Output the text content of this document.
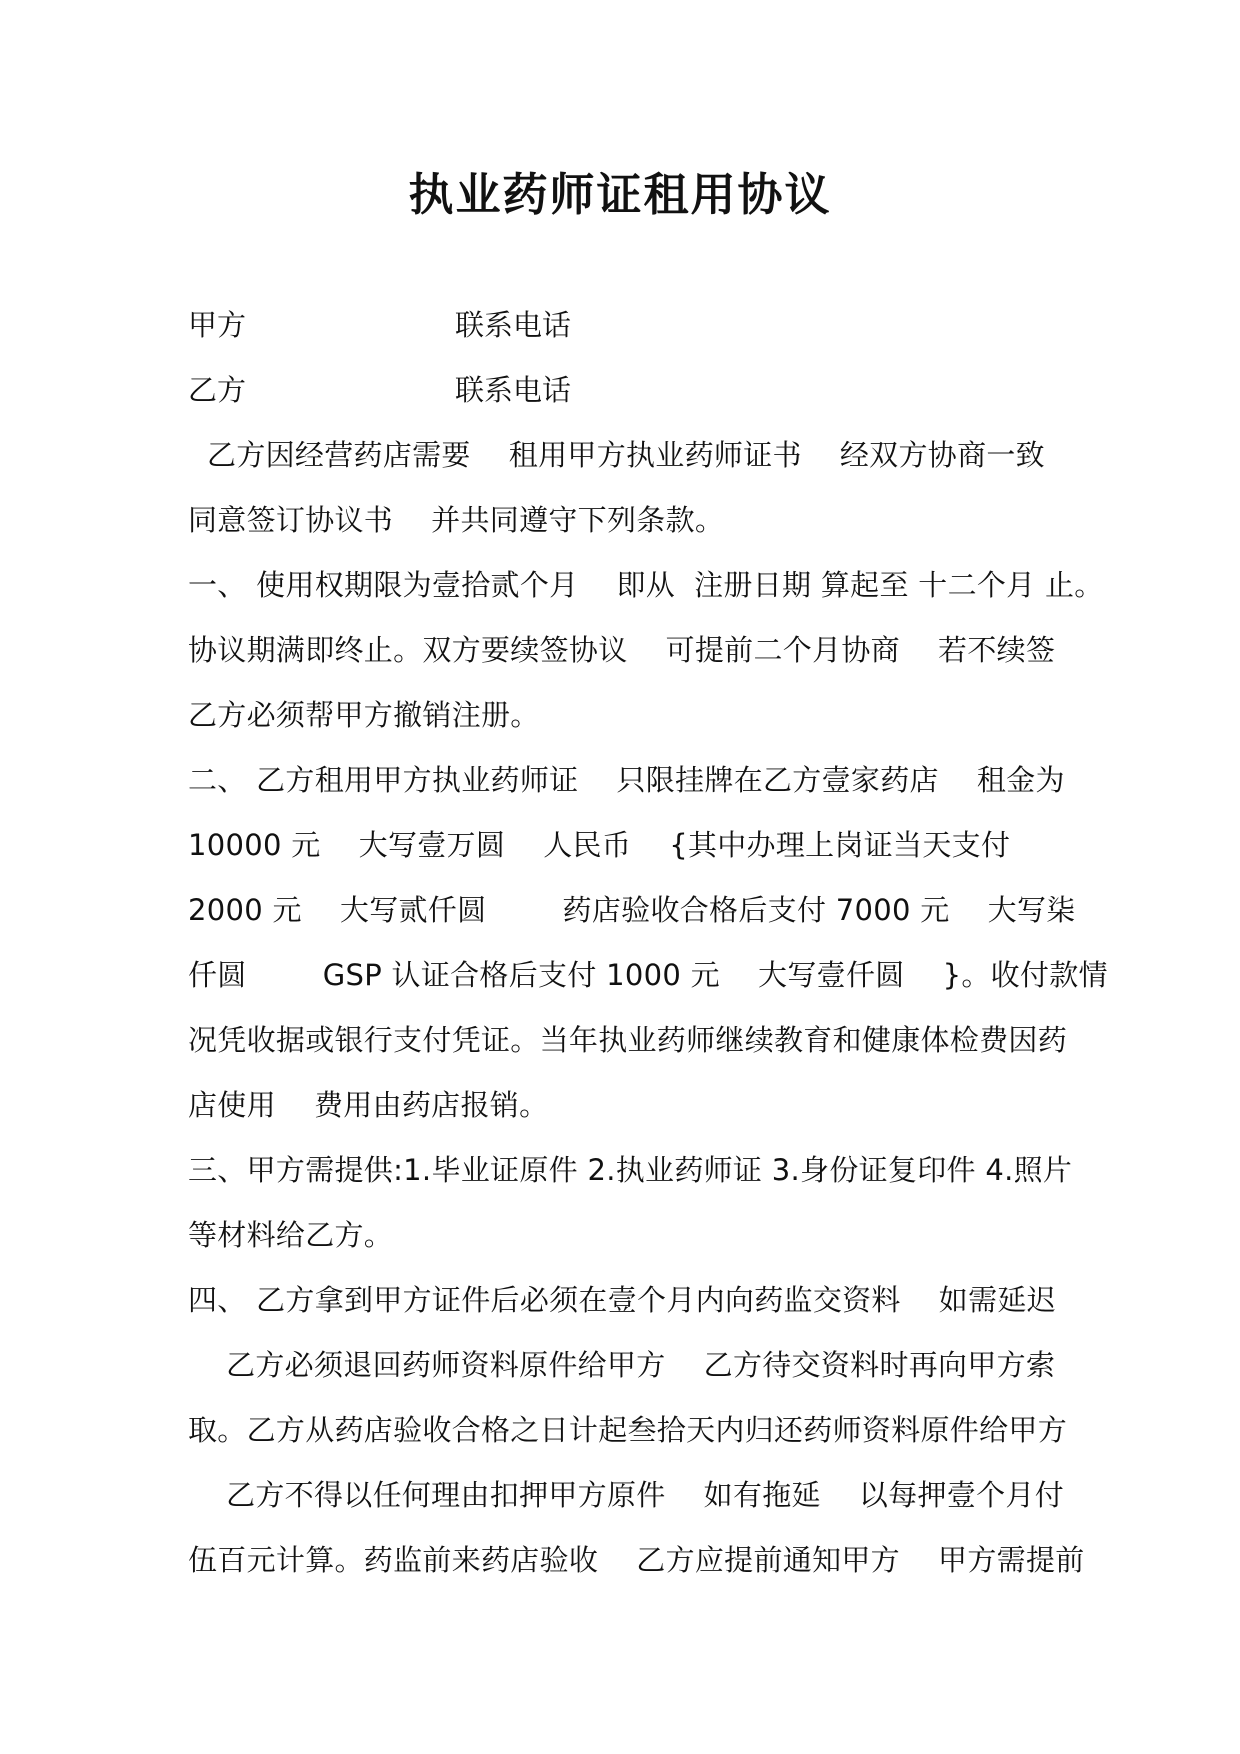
执业药师证租用协议
甲方	联系电话
乙方	联系电话
乙方因经营药店需要    租用甲方执业药师证书    经双方协商一致
同意签订协议书    并共同遵守下列条款。
一、 使用权期限为壹拾贰个月    即从  注册日期 算起至 十二个月 止。
协议期满即终止。双方要续签协议    可提前二个月协商    若不续签
乙方必须帮甲方撤销注册。
二、 乙方租用甲方执业药师证    只限挂牌在乙方壹家药店    租金为
10000 元    大写壹万圆    人民币    {其中办理上岗证当天支付
2000 元    大写贰仟圆        药店验收合格后支付 7000 元    大写柒
仟圆        GSP 认证合格后支付 1000 元    大写壹仟圆    }。收付款情
况凭收据或银行支付凭证。当年执业药师继续教育和健康体检费因药
店使用    费用由药店报销。
三、甲方需提供:1.毕业证原件 2.执业药师证 3.身份证复印件 4.照片
等材料给乙方。
四、 乙方拿到甲方证件后必须在壹个月内向药监交资料    如需延迟
乙方必须退回药师资料原件给甲方    乙方待交资料时再向甲方索
取。乙方从药店验收合格之日计起叁拾天内归还药师资料原件给甲方
乙方不得以任何理由扣押甲方原件    如有拖延    以每押壹个月付
伍百元计算。药监前来药店验收    乙方应提前通知甲方    甲方需提前
